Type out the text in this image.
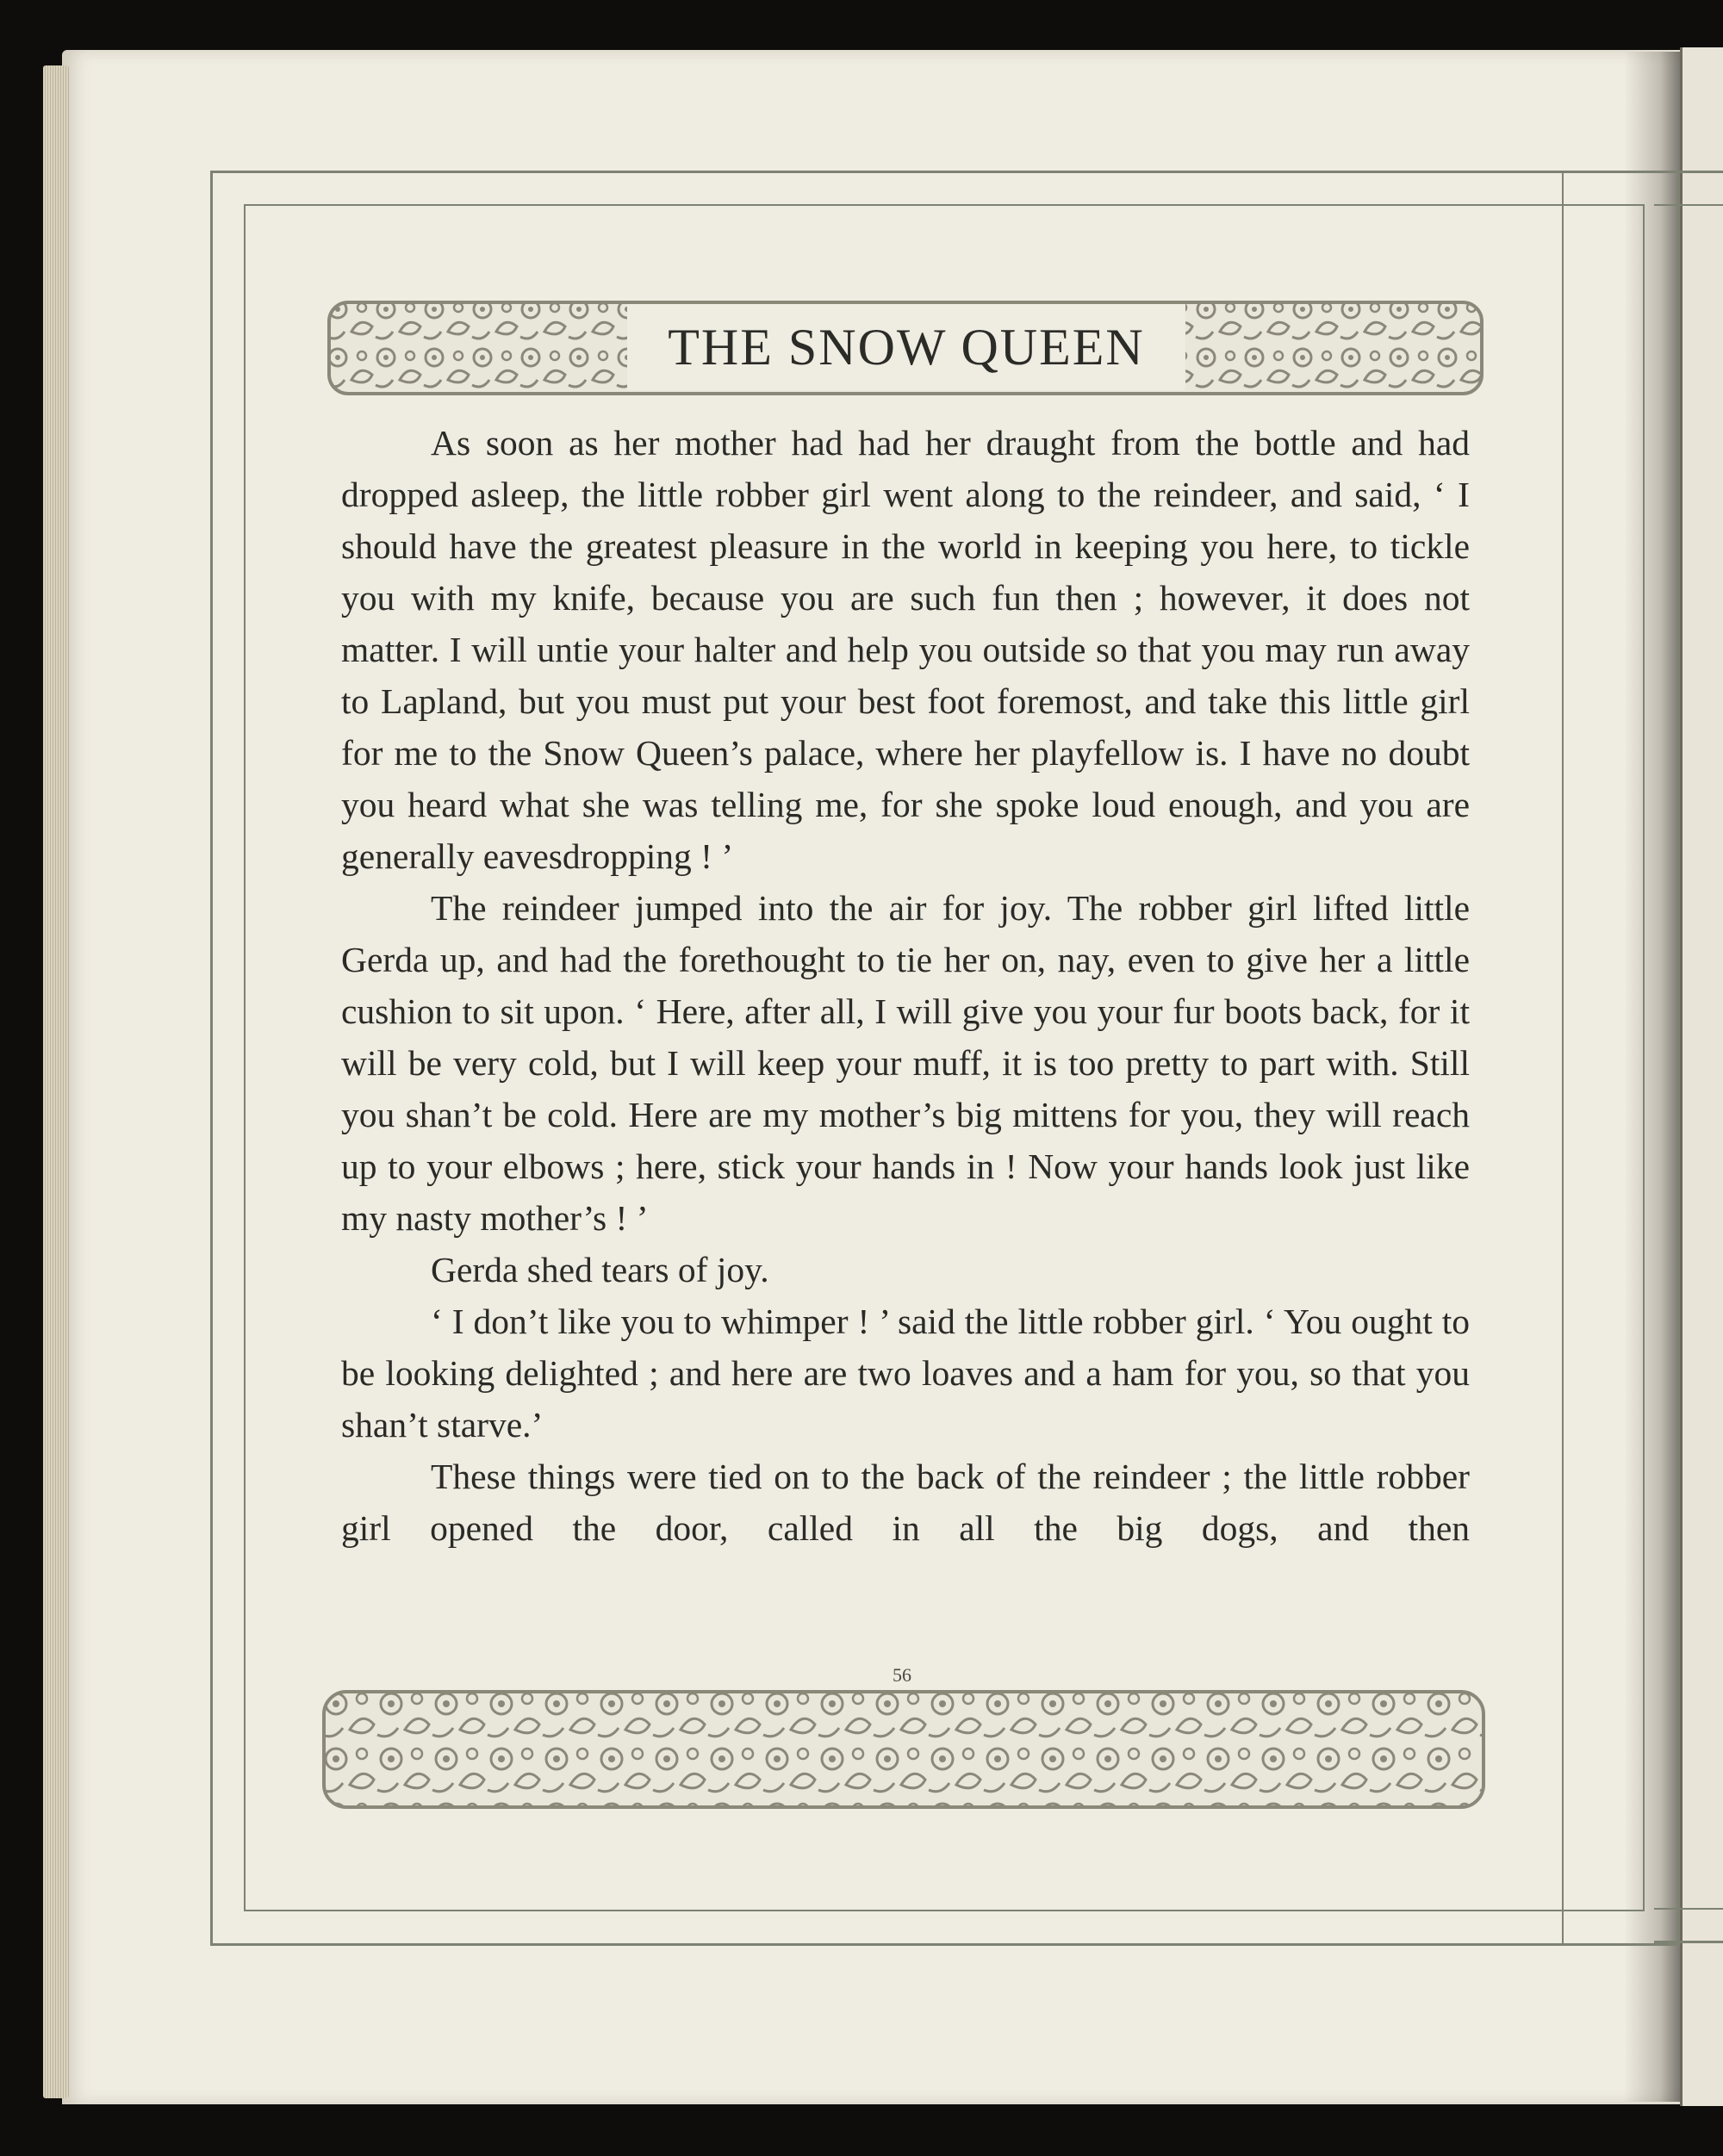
THE SNOW QUEEN

As soon as her mother had had her draught from the bottle and had dropped asleep, the little robber girl went along to the reindeer, and said, ‘ I should have the greatest pleasure in the world in keeping you here, to tickle you with my knife, because you are such fun then ; however, it does not matter. I will untie your halter and help you outside so that you may run away to Lapland, but you must put your best foot foremost, and take this little girl for me to the Snow Queen’s palace, where her playfellow is. I have no doubt you heard what she was telling me, for she spoke loud enough, and you are generally eavesdropping ! ’

The reindeer jumped into the air for joy. The robber girl lifted little Gerda up, and had the forethought to tie her on, nay, even to give her a little cushion to sit upon. ‘ Here, after all, I will give you your fur boots back, for it will be very cold, but I will keep your muff, it is too pretty to part with. Still you shan’t be cold. Here are my mother’s big mittens for you, they will reach up to your elbows ; here, stick your hands in ! Now your hands look just like my nasty mother’s ! ’

Gerda shed tears of joy.

‘ I don’t like you to whimper ! ’ said the little robber girl. ‘ You ought to be looking delighted ; and here are two loaves and a ham for you, so that you shan’t starve.’

These things were tied on to the back of the reindeer ; the little robber girl opened the door, called in all the big dogs, and then

56
